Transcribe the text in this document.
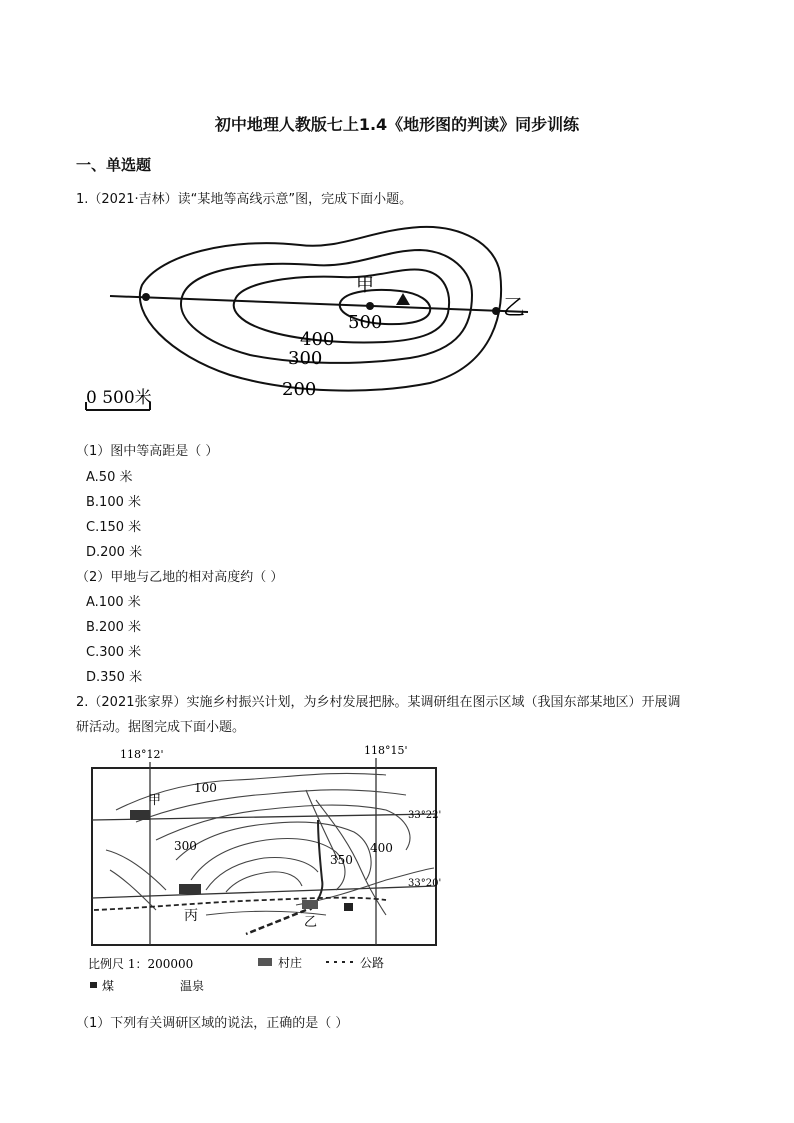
初中地理人教版七上1.4《地形图的判读》同步训练
一、单选题
1.（2021·吉林）读“某地等高线示意”图，完成下面小题。
甲
乙
500
400
300
200
0 500米
（1）图中等高距是（ ）
A.50 米
B.100 米
C.150 米
D.200 米
（2）甲地与乙地的相对高度约（ ）
A.100 米
B.200 米
C.300 米
D.350 米
2.（2021张家界）实施乡村振兴计划，为乡村发展把脉。某调研组在图示区域（我国东部某地区）开展调
研活动。据图完成下面小题。
118°12'	118°15'
33°22'
33°20'
甲
丙	乙
100
300
350
400
比例尺 1：200000	村庄	公路
煤	温泉
（1）下列有关调研区域的说法，正确的是（ ）
